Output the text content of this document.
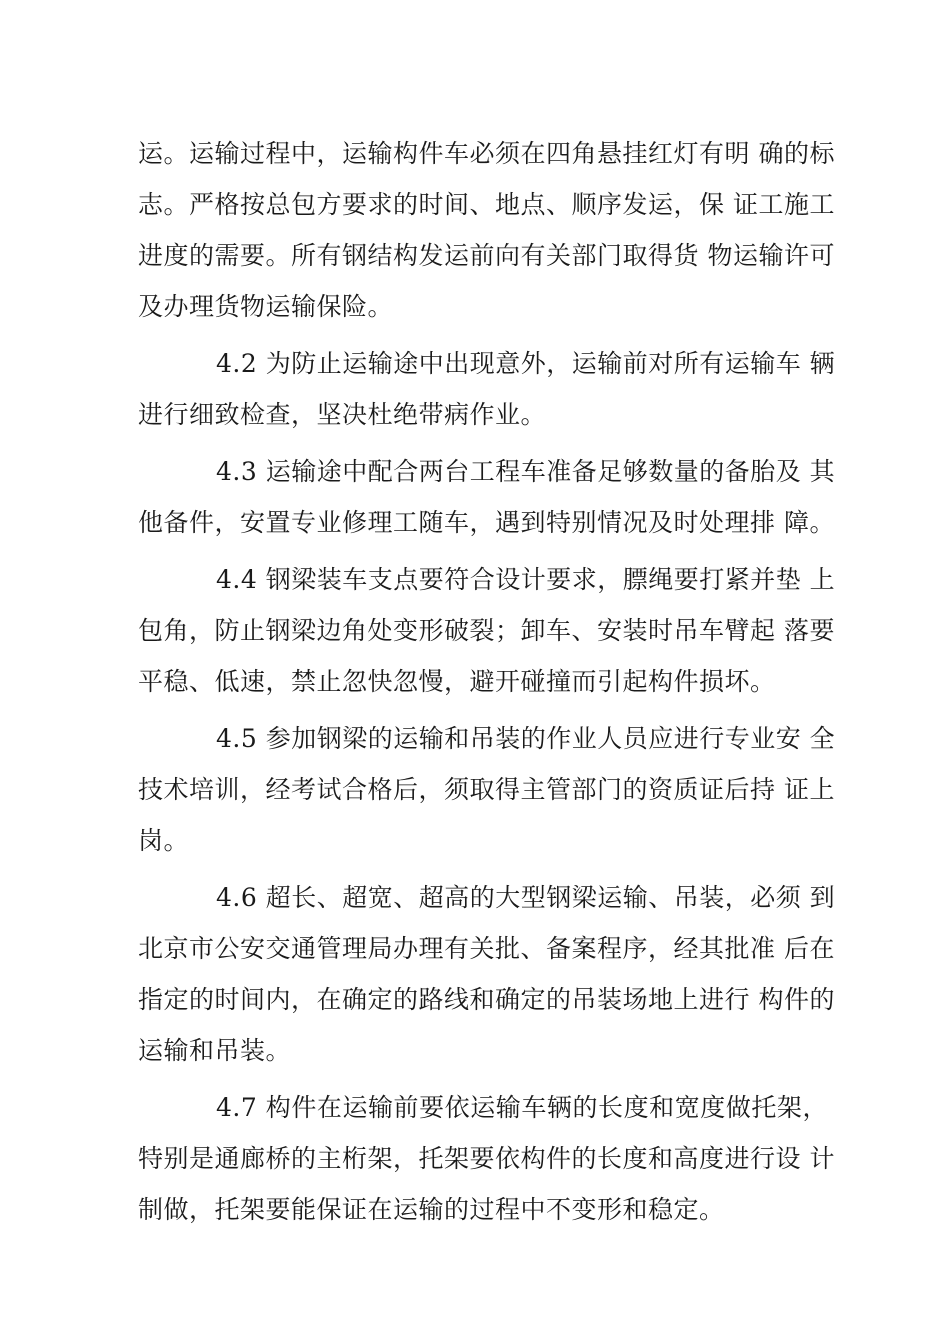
运。运输过程中，运输构件车必须在四角悬挂红灯有明 确的标
志。严格按总包方要求的时间、地点、顺序发运，保 证工施工
进度的需要。所有钢结构发运前向有关部门取得货 物运输许可
及办理货物运输保险。
4.2 为防止运输途中出现意外，运输前对所有运输车 辆
进行细致检查，坚决杜绝带病作业。
4.3 运输途中配合两台工程车准备足够数量的备胎及 其
他备件，安置专业修理工随车，遇到特别情况及时处理排 障。
4.4 钢梁装车支点要符合设计要求，膘绳要打紧并垫 上
包角，防止钢梁边角处变形破裂；卸车、安装时吊车臂起 落要
平稳、低速，禁止忽快忽慢，避开碰撞而引起构件损坏。
4.5 参加钢梁的运输和吊装的作业人员应进行专业安 全
技术培训，经考试合格后，须取得主管部门的资质证后持 证上
岗。
4.6 超长、超宽、超高的大型钢梁运输、吊装，必须 到
北京市公安交通管理局办理有关批、备案程序，经其批准 后在
指定的时间内，在确定的路线和确定的吊装场地上进行 构件的
运输和吊装。
4.7 构件在运输前要依运输车辆的长度和宽度做托架，
特别是通廊桥的主桁架，托架要依构件的长度和高度进行设 计
制做，托架要能保证在运输的过程中不变形和稳定。
